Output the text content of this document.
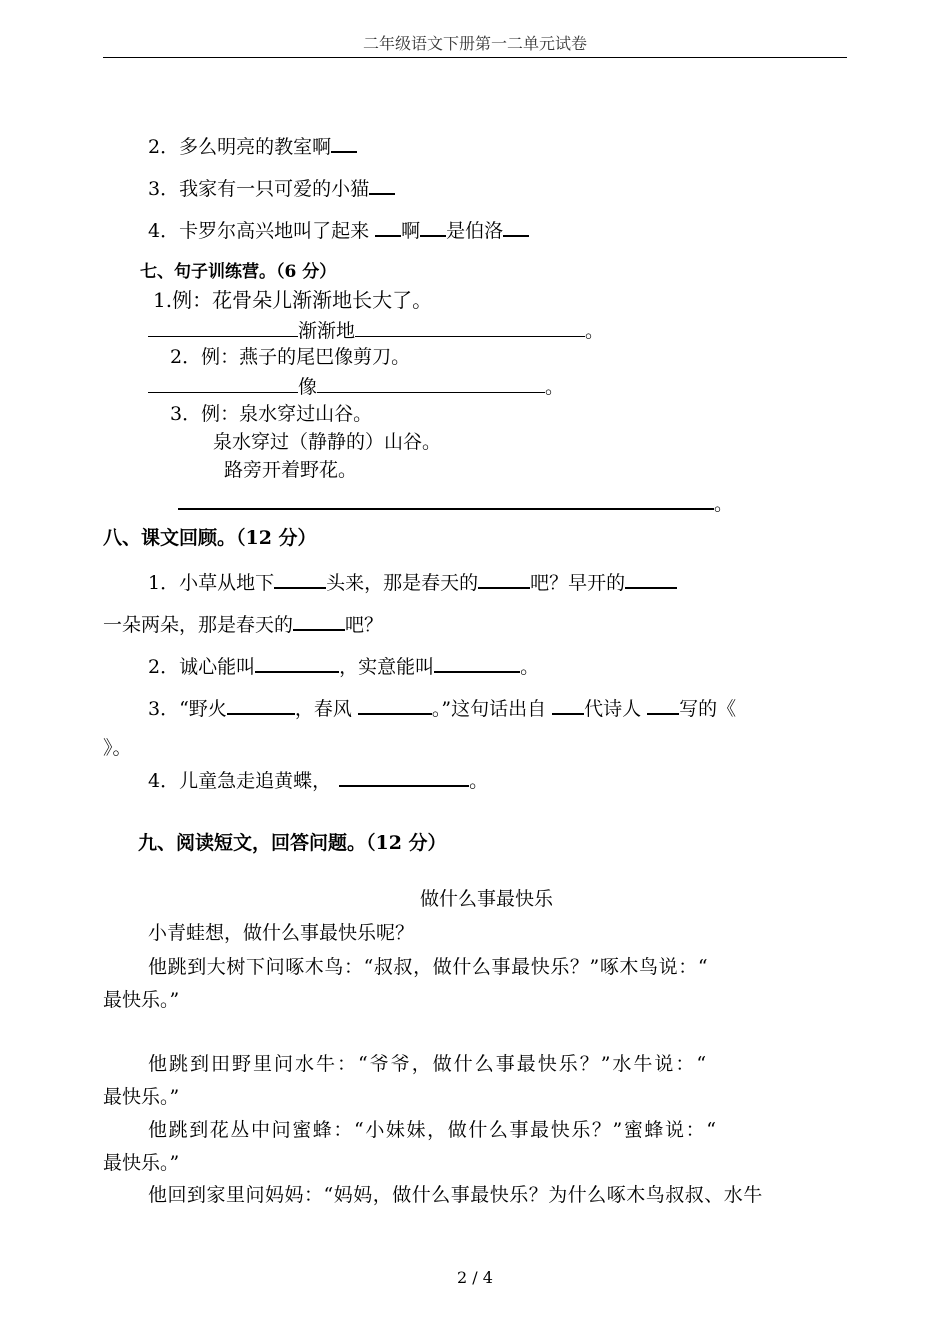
二年级语文下册第一二单元试卷
2．多么明亮的教室啊
3．我家有一只可爱的小猫
4．卡罗尔高兴地叫了起来 啊 是伯洛
七、句子训练营。（6 分）
1.例：花骨朵儿渐渐地长大了。
渐渐地	。
2．例：燕子的尾巴像剪刀。
像	。
3．例：泉水穿过山谷。
泉水穿过（静静的）山谷。
路旁开着野花。
。
八、课文回顾。（12 分）
1．小草从地下	头来，那是春天的	吧？早开的
一朵两朵，那是春天的	吧？
2．诚心能叫	，实意能叫	。
3．“野火	，春风	。”这句话出自 代诗人 写的《
》。
4．儿童急走追黄蝶，	。
九、阅读短文，回答问题。（12 分）
做什么事最快乐
小青蛙想，做什么事最快乐呢？
他跳到大树下问啄木鸟：“叔叔，做什么事最快乐？”啄木鸟说：“
最快乐。”
他跳到田野里问水牛：“爷爷，做什么事最快乐？”水牛说：“
最快乐。”
他跳到花丛中问蜜蜂：“小妹妹，做什么事最快乐？”蜜蜂说：“
最快乐。”
他回到家里问妈妈：“妈妈，做什么事最快乐？为什么啄木鸟叔叔、水牛
2 / 4
